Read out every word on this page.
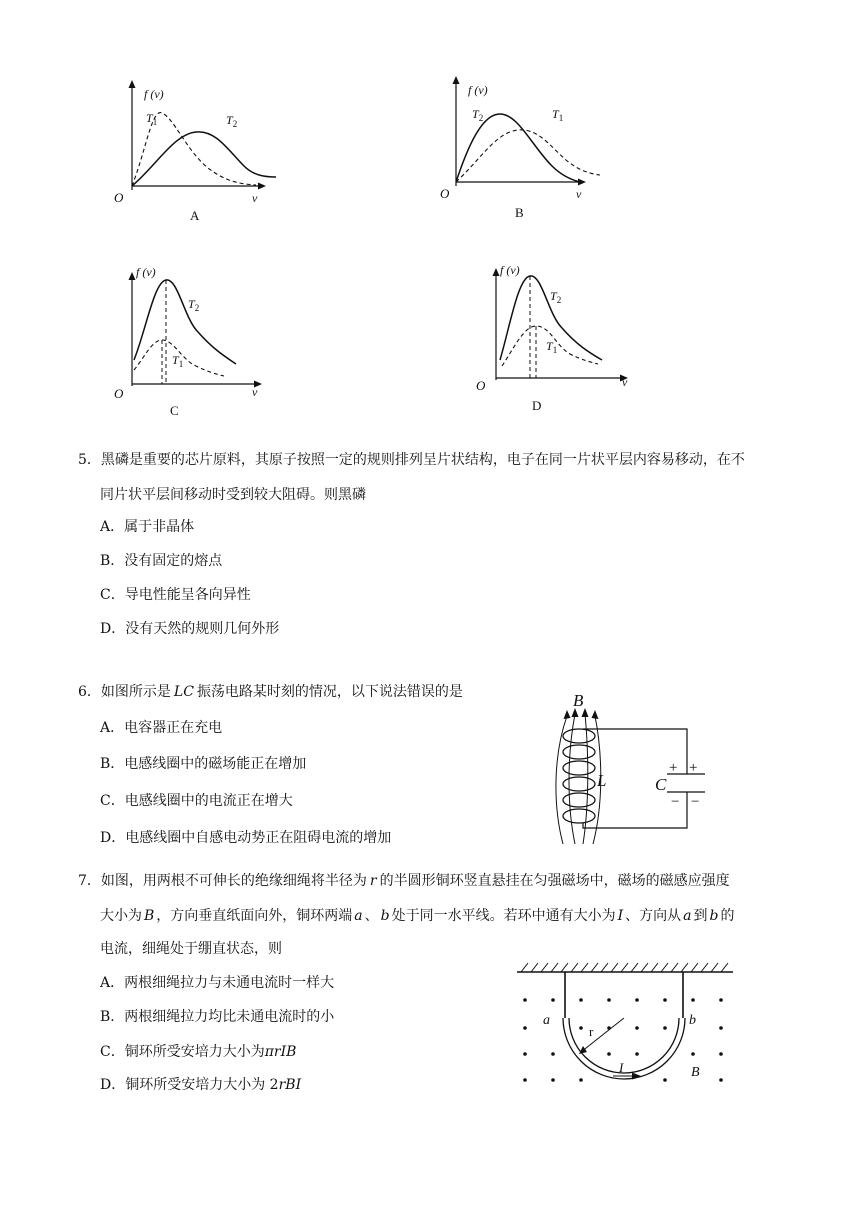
f (v)
$T_1$	$T_2$
O	v
A
f (v)
$T_2$	$T_1$
O	v
B
f (v)
$T_2$
$T_1$
O	v
C
f (v)
$T_2$
$T_1$
O	v
D
5．黑磷是重要的芯片原料，其原子按照一定的规则排列呈片状结构，电子在同一片状平层内容易移动，在不
同片状平层间移动时受到较大阻碍。则黑磷
A．属于非晶体
B．没有固定的熔点
C．导电性能呈各向异性
D．没有天然的规则几何外形
6．如图所示是 LC 振荡电路某时刻的情况，以下说法错误的是
A．电容器正在充电
B．电感线圈中的磁场能正在增加
C．电感线圈中的电流正在增大
D．电感线圈中自感电动势正在阻碍电流的增加
B
L	C
+ +
− −
7．如图，用两根不可伸长的绝缘细绳将半径为 r 的半圆形铜环竖直悬挂在匀强磁场中，磁场的磁感应强度
大小为 B ，方向垂直纸面向外，铜环两端 a 、 b 处于同一水平线。若环中通有大小为 I 、方向从 a 到 b 的
电流，细绳处于绷直状态，则
A．两根细绳拉力与未通电流时一样大
B．两根细绳拉力均比未通电流时的小
C．铜环所受安培力大小为πrIB
D．铜环所受安培力大小为 2rBI
r
I
a	b
B
